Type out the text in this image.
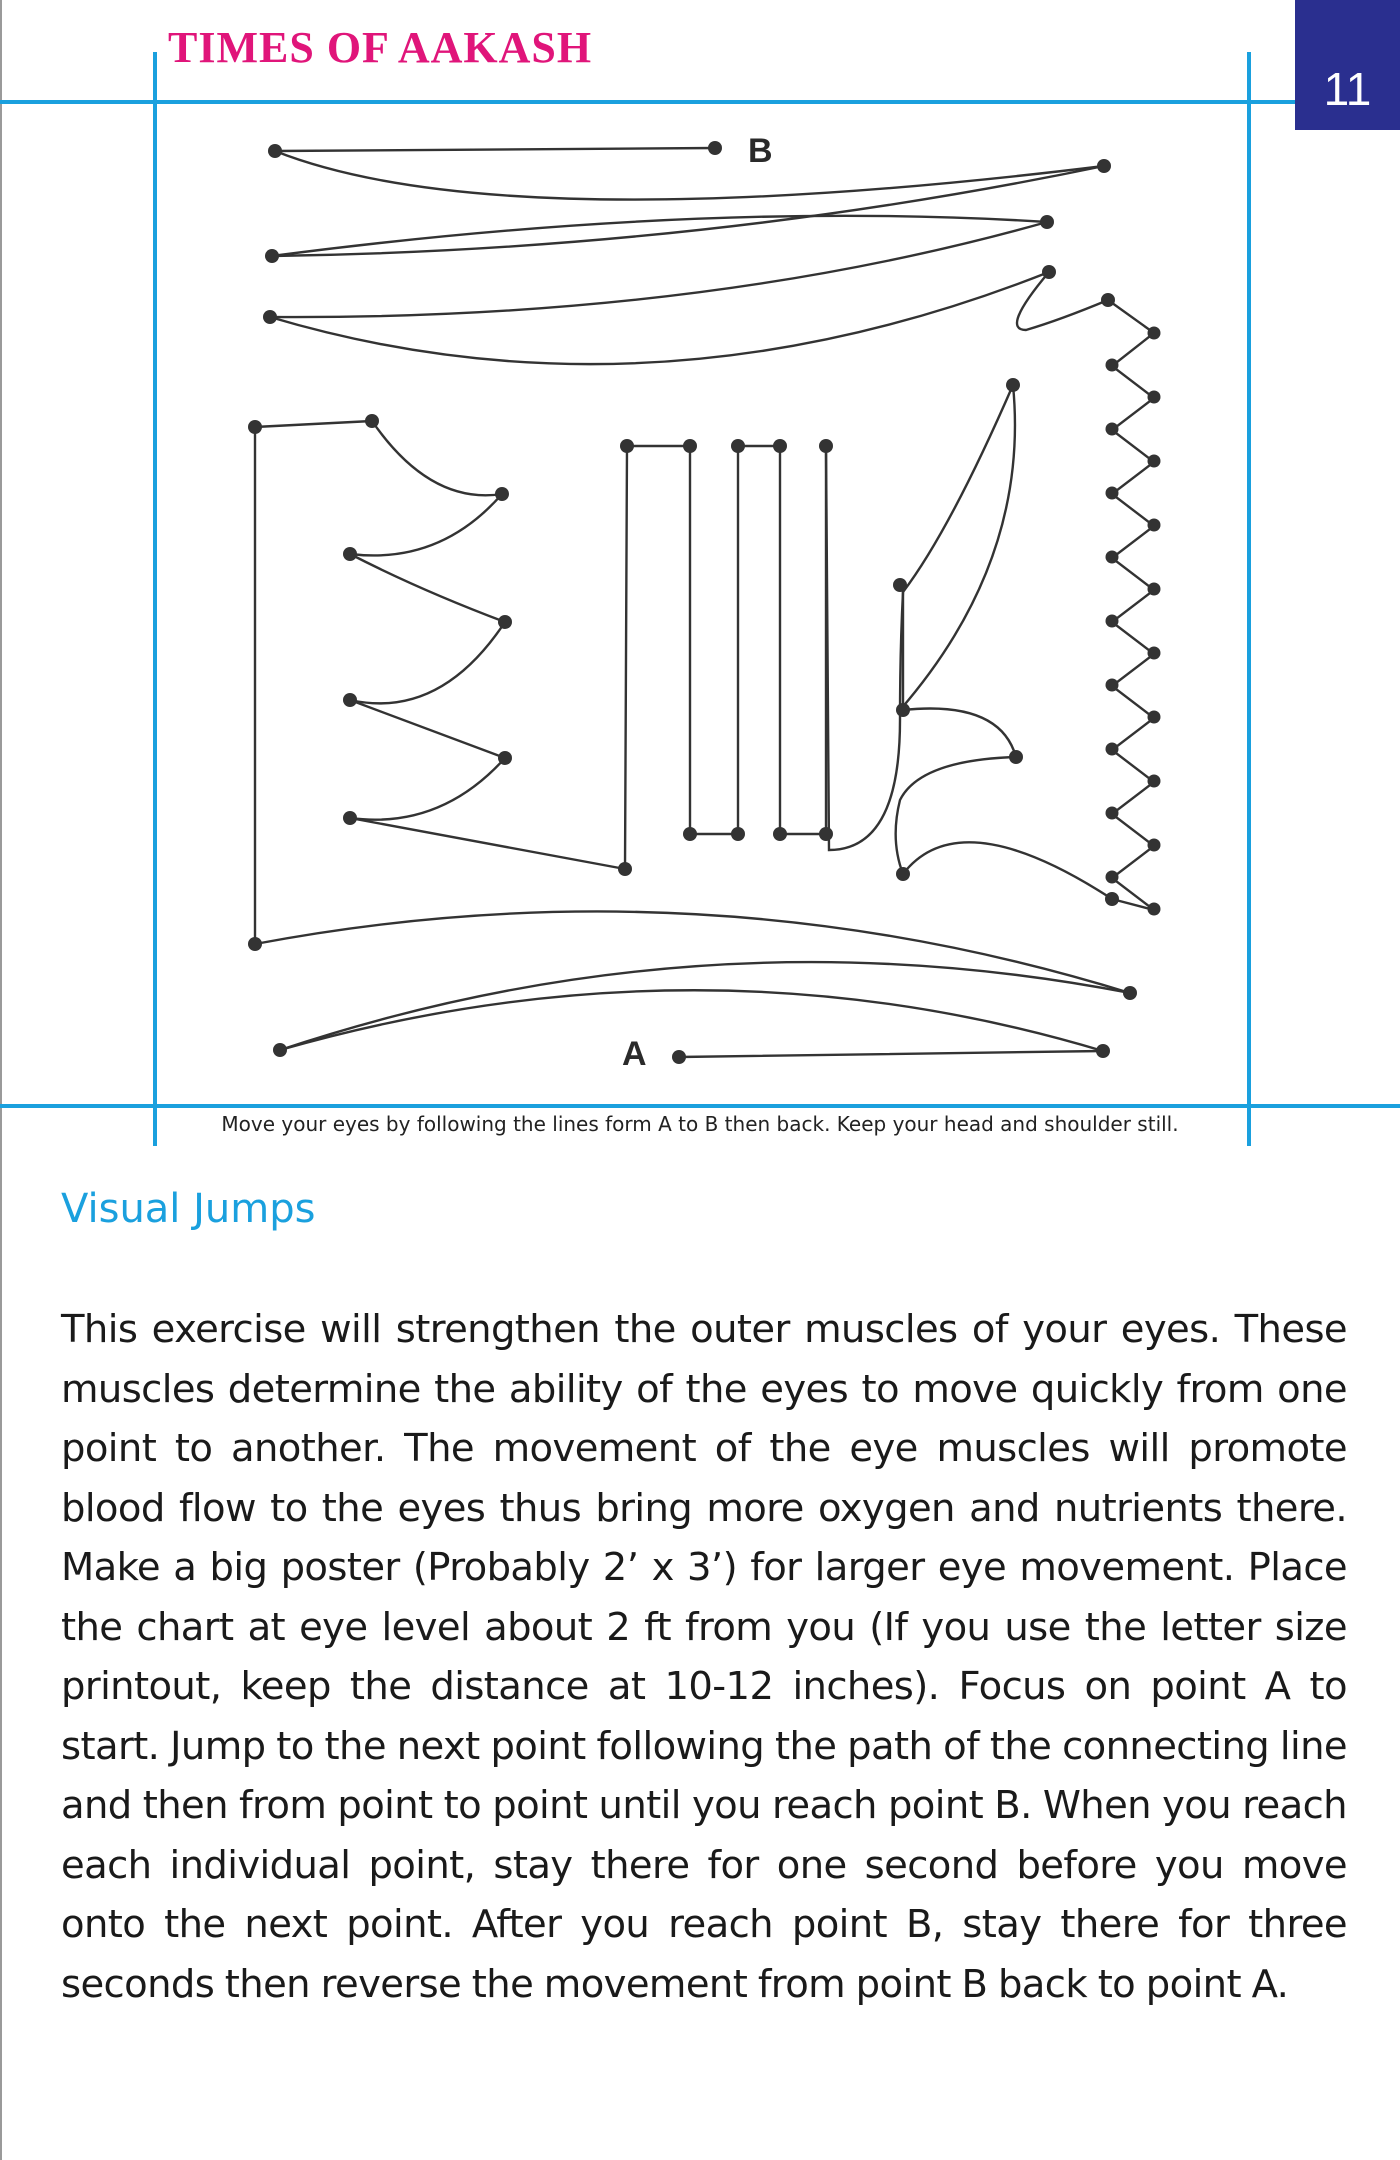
TIMES OF AAKASH
11
B
A
Move your eyes by following the lines form A to B then back. Keep your head and shoulder still.
Visual Jumps

This exercise will strengthen the outer muscles of your eyes. These muscles determine the ability of the eyes to move quickly from one point to another. The movement of the eye muscles will promote blood flow to the eyes thus bring more oxygen and nutrients there. Make a big poster (Probably 2’ x 3’) for larger eye movement. Place the chart at eye level about 2 ft from you (If you use the letter size printout, keep the distance at 10-12 inches). Focus on point A to start. Jump to the next point following the path of the connecting line and then from point to point until you reach point B. When you reach each individual point, stay there for one second before you move onto the next point. After you reach point B, stay there for three seconds then reverse the movement from point B back to point A.
